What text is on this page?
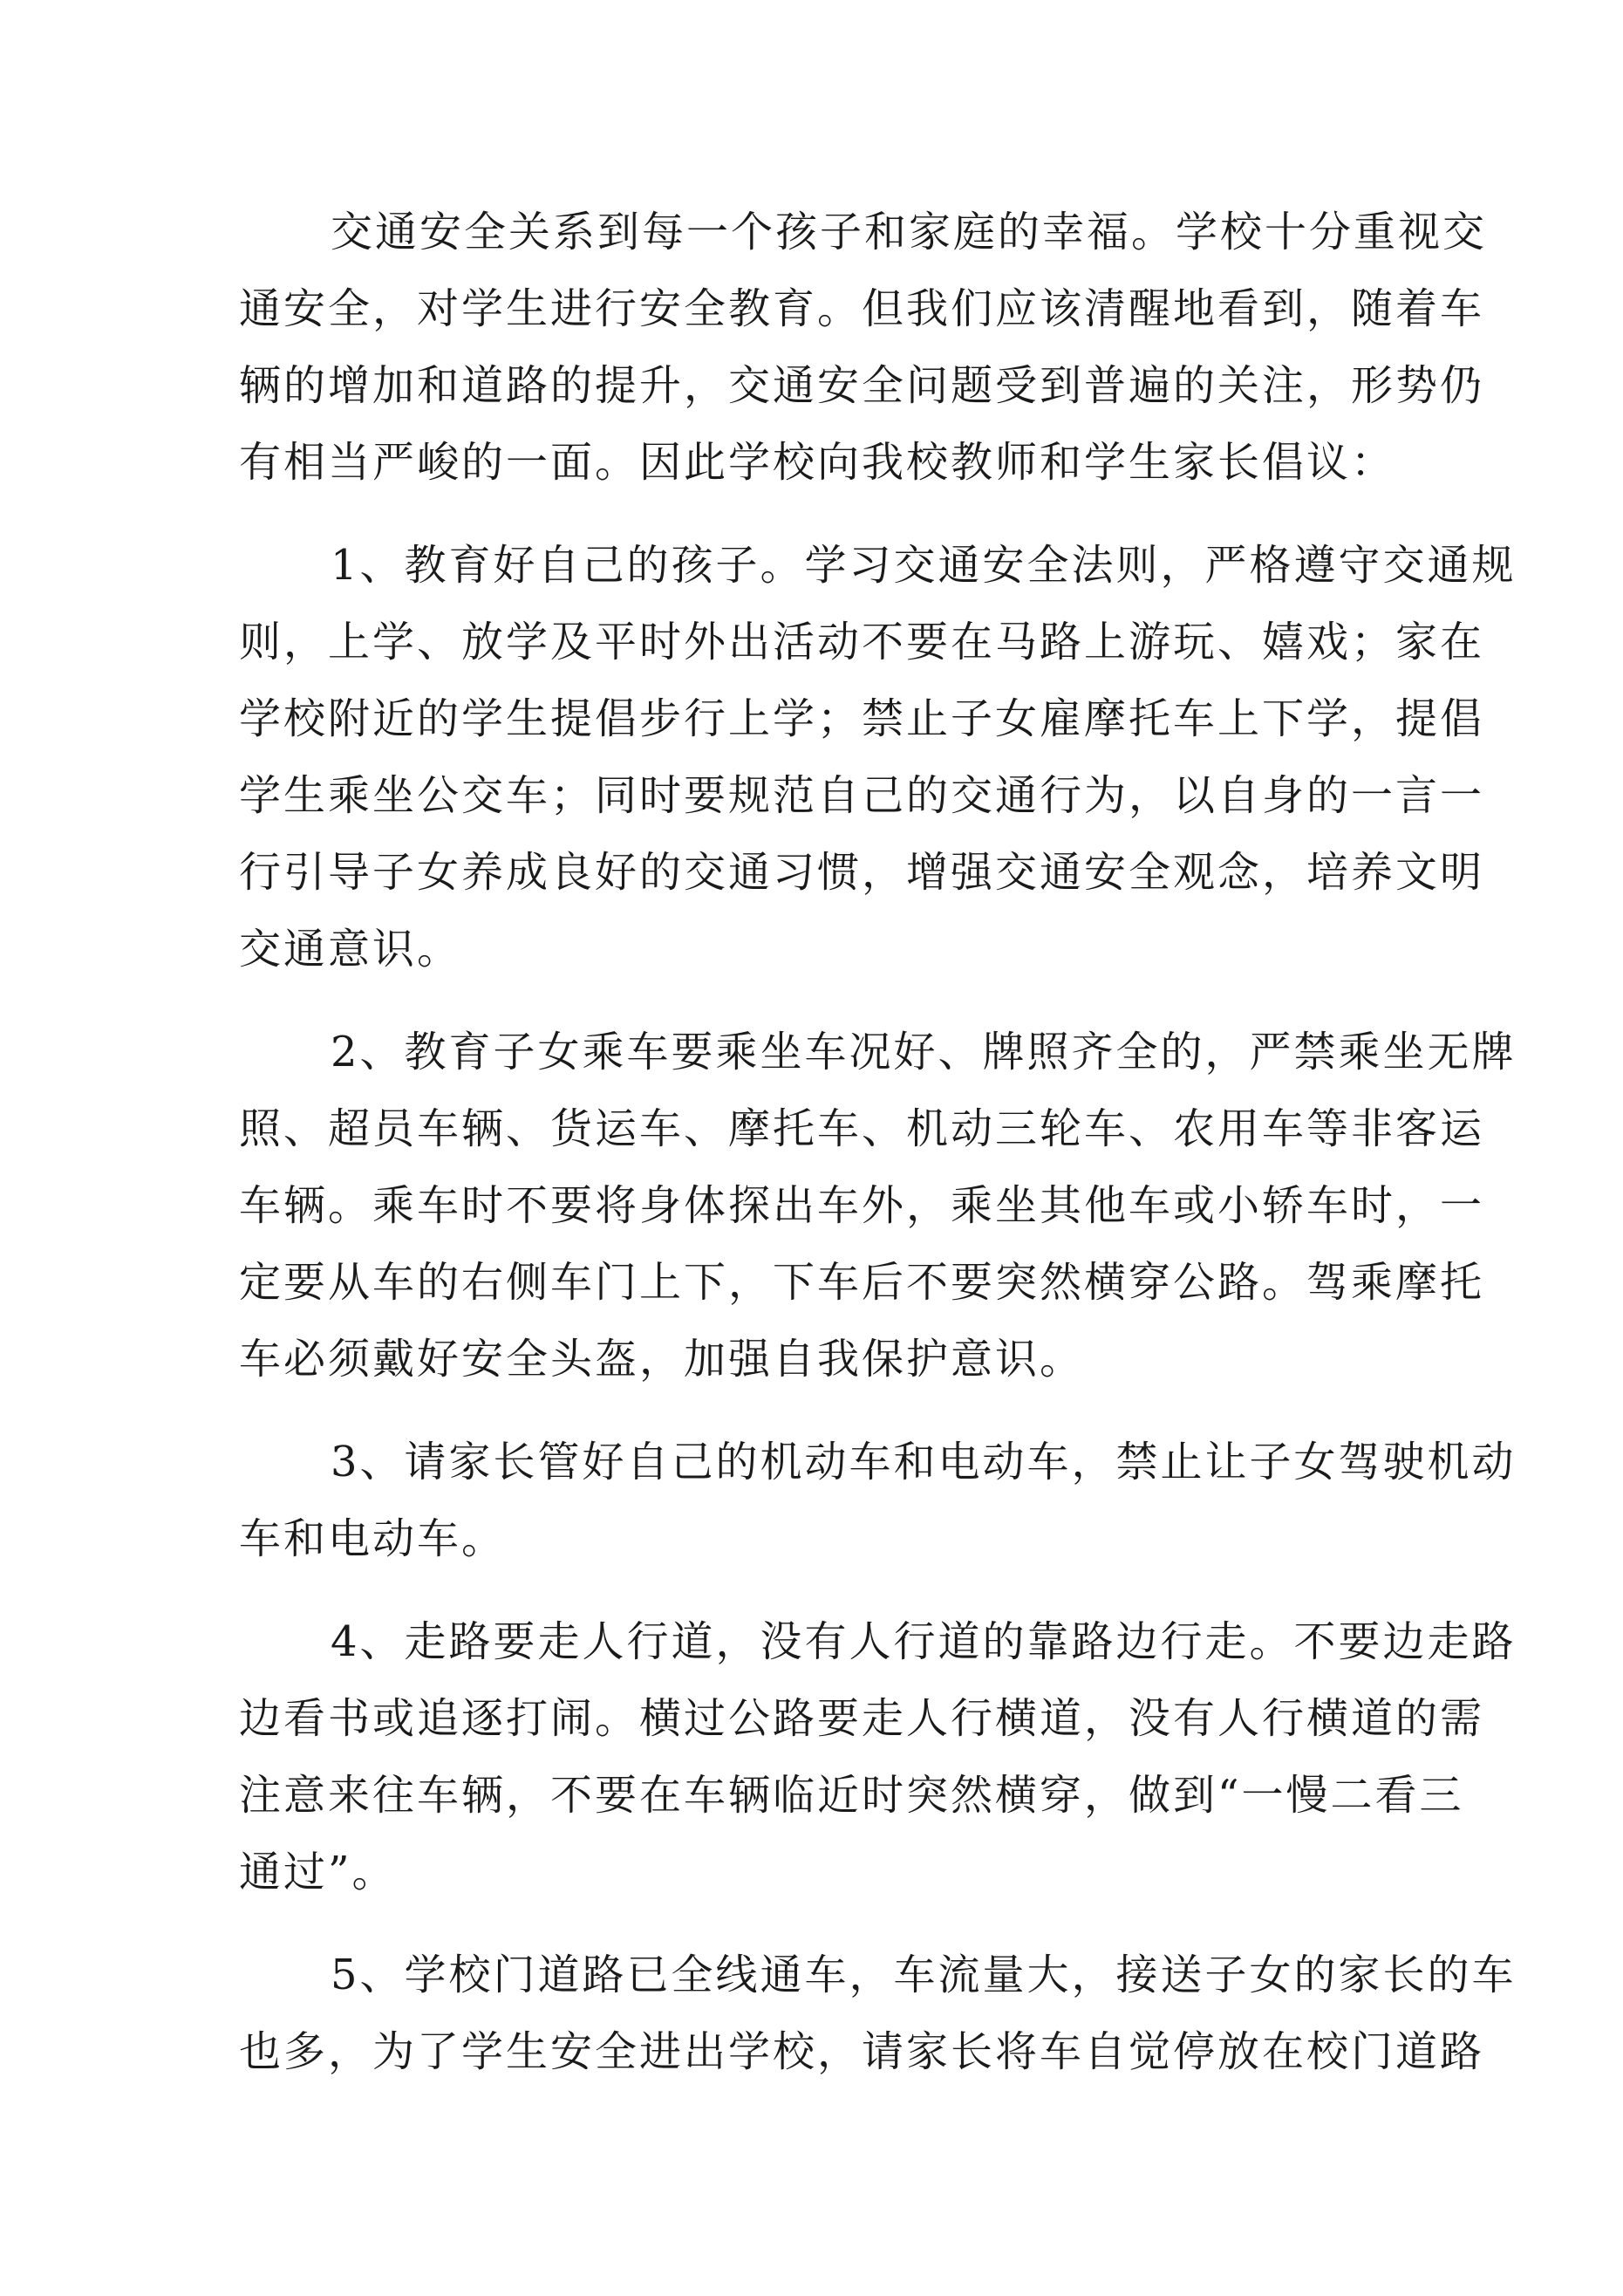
交通安全关系到每一个孩子和家庭的幸福。学校十分重视交
通安全，对学生进行安全教育。但我们应该清醒地看到，随着车
辆的增加和道路的提升，交通安全问题受到普遍的关注，形势仍
有相当严峻的一面。因此学校向我校教师和学生家长倡议：
1、教育好自己的孩子。学习交通安全法则，严格遵守交通规
则，上学、放学及平时外出活动不要在马路上游玩、嬉戏；家在
学校附近的学生提倡步行上学；禁止子女雇摩托车上下学，提倡
学生乘坐公交车；同时要规范自己的交通行为，以自身的一言一
行引导子女养成良好的交通习惯，增强交通安全观念，培养文明
交通意识。
2、教育子女乘车要乘坐车况好、牌照齐全的，严禁乘坐无牌
照、超员车辆、货运车、摩托车、机动三轮车、农用车等非客运
车辆。乘车时不要将身体探出车外，乘坐其他车或小轿车时，一
定要从车的右侧车门上下，下车后不要突然横穿公路。驾乘摩托
车必须戴好安全头盔，加强自我保护意识。
3、请家长管好自己的机动车和电动车，禁止让子女驾驶机动
车和电动车。
4、走路要走人行道，没有人行道的靠路边行走。不要边走路
边看书或追逐打闹。横过公路要走人行横道，没有人行横道的需
注意来往车辆，不要在车辆临近时突然横穿，做到“一慢二看三
通过”。
5、学校门道路已全线通车，车流量大，接送子女的家长的车
也多，为了学生安全进出学校，请家长将车自觉停放在校门道路
